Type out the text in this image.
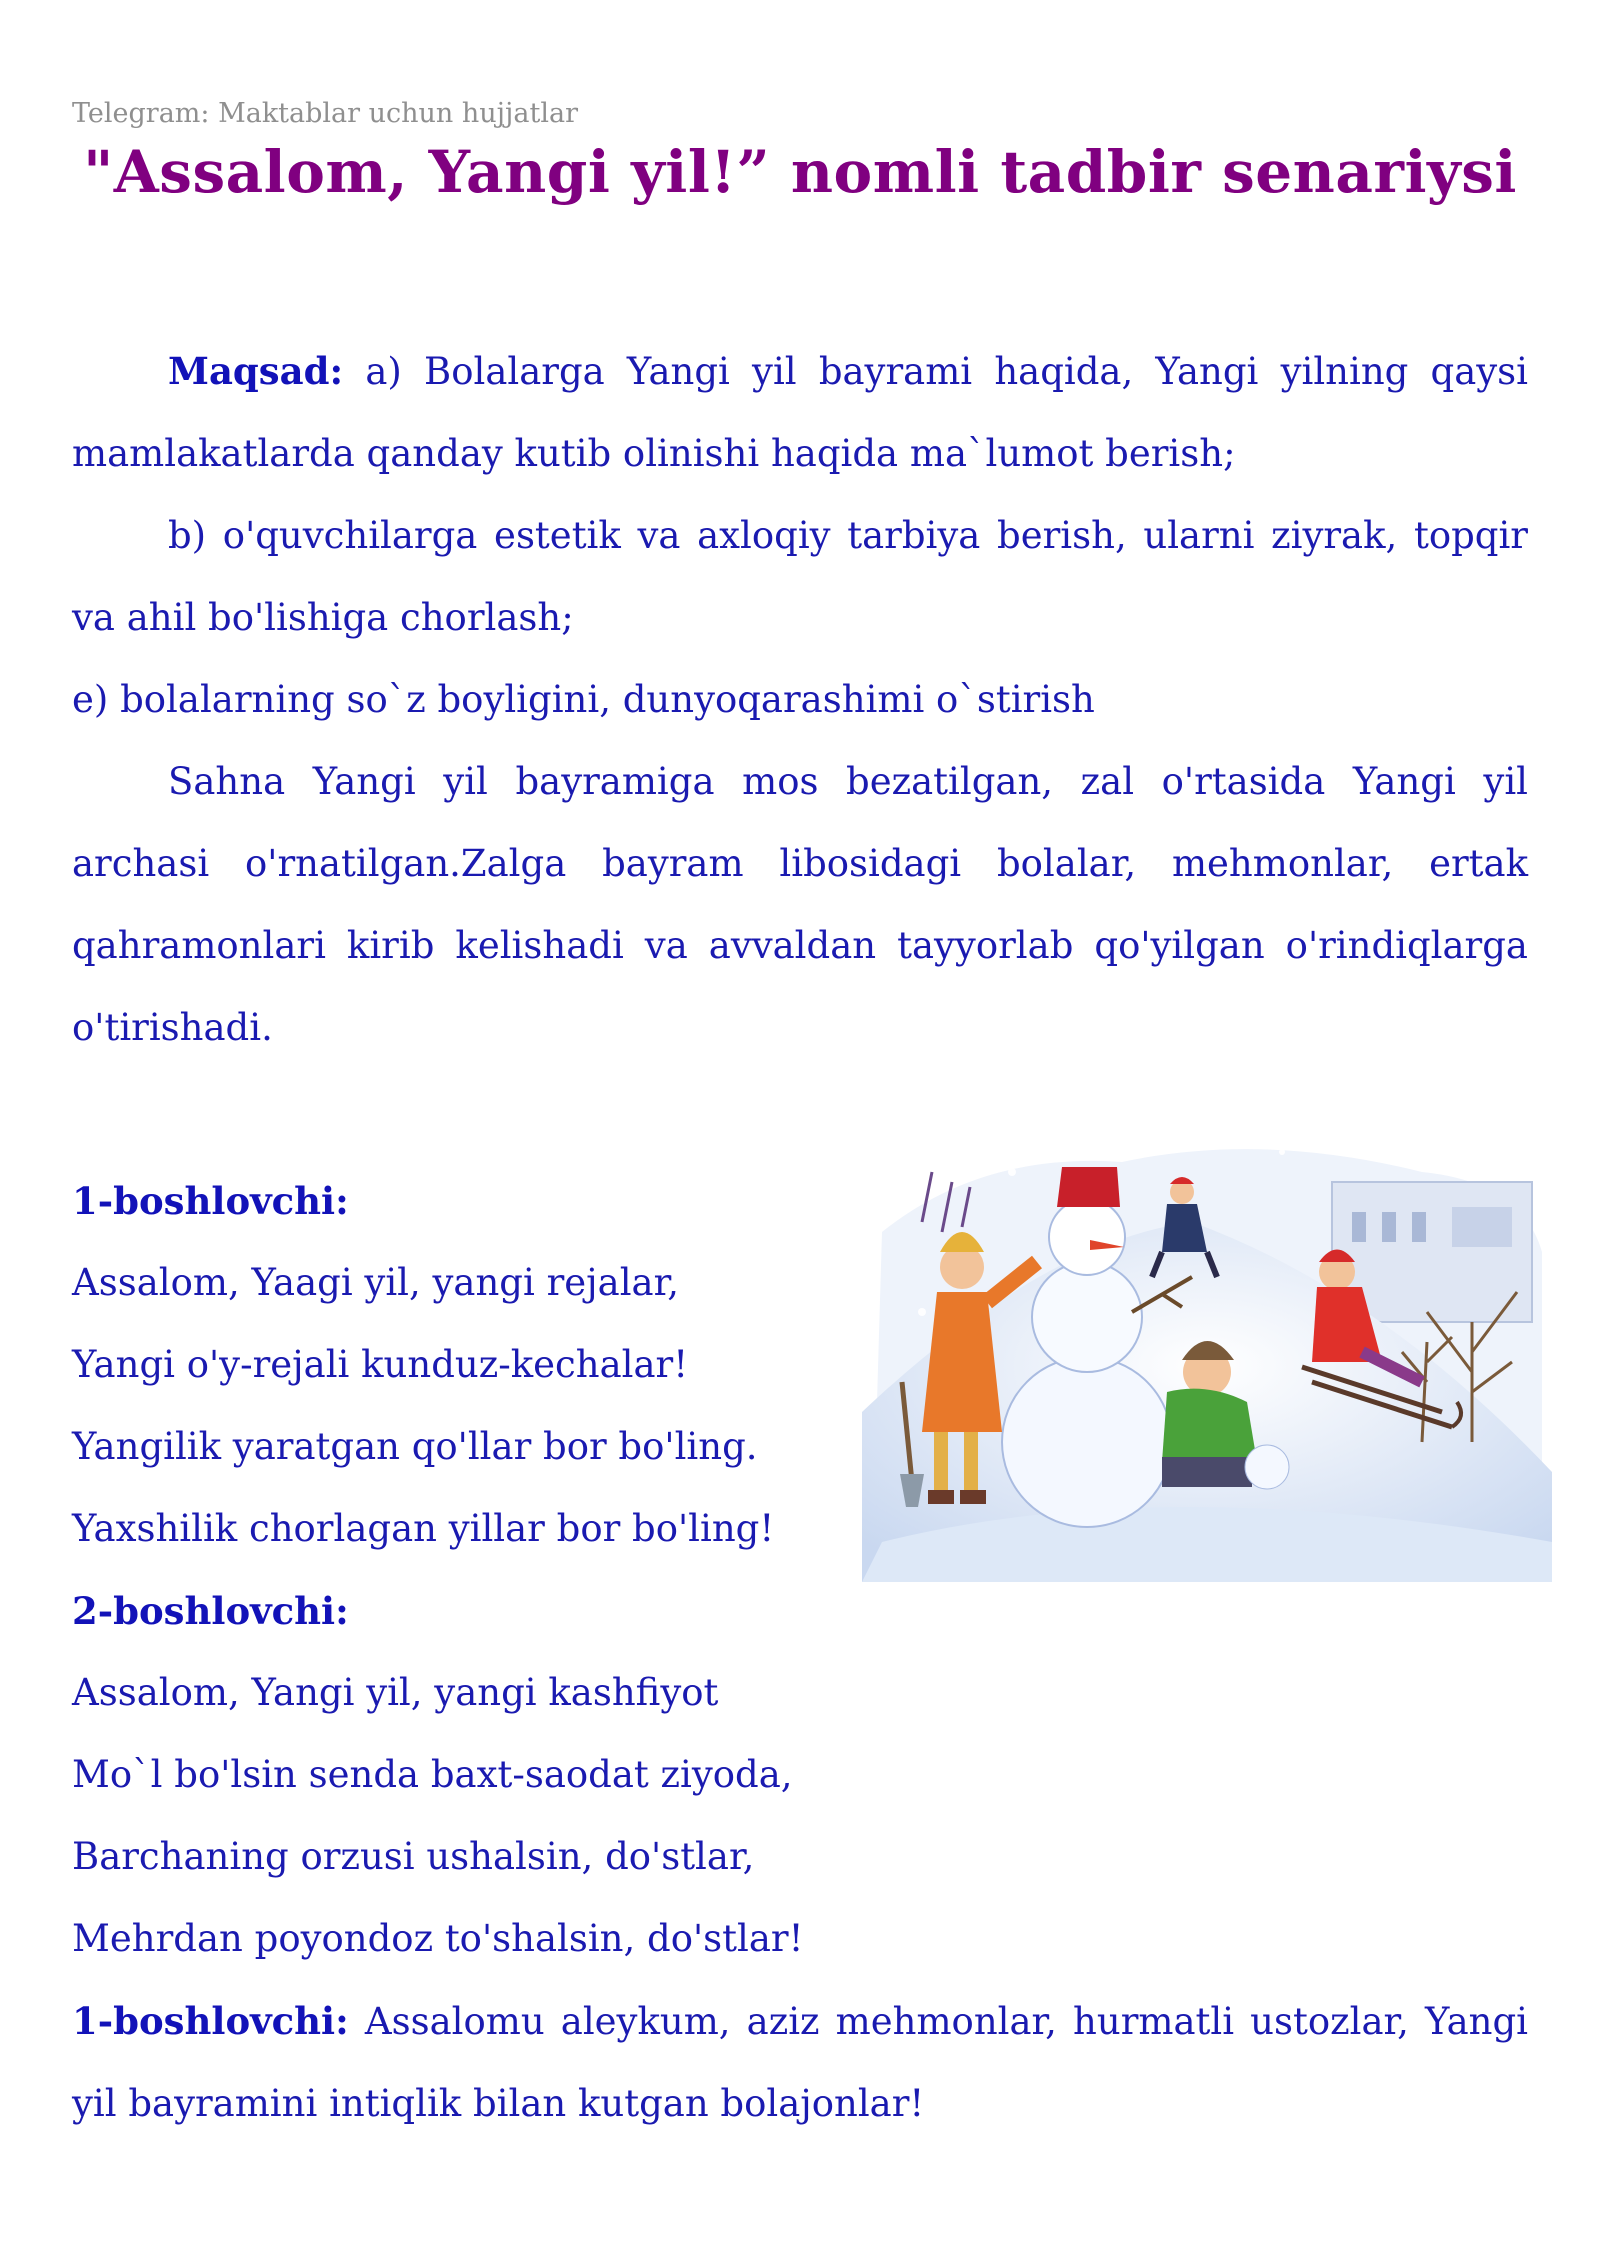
Telegram: Maktablar uchun hujjatlar
"Assalom, Yangi yil!” nomli tadbir senariysi

Maqsad: a) Bolalarga Yangi yil bayrami haqida, Yangi yilning qaysi mamlakatlarda qanday kutib olinishi haqida ma`lumot berish;

b) o'quvchilarga estetik va axloqiy tarbiya berish, ularni ziyrak, topqir va ahil bo'lishiga chorlash;

e) bolalarning so`z boyligini, dunyoqarashimi o`stirish

Sahna Yangi yil bayramiga mos bezatilgan, zal o'rtasida Yangi yil archasi o'rnatilgan.Zalga bayram libosidagi bolalar, mehmonlar, ertak qahramonlari kirib kelishadi va avvaldan tayyorlab qo'yilgan o'rindiqlarga o'tirishadi.

1-boshlovchi:

Assalom, Yaagi yil, yangi rejalar,

Yangi o'y-rejali kunduz-kechalar!

Yangilik yaratgan qo'llar bor bo'ling.

Yaxshilik chorlagan yillar bor bo'ling!

2-boshlovchi:

Assalom, Yangi yil, yangi kashfiyot

Mo`l bo'lsin senda baxt-saodat ziyoda,

Barchaning orzusi ushalsin, do'stlar,

Mehrdan poyondoz to'shalsin, do'stlar!

1-boshlovchi: Assalomu aleykum, aziz mehmonlar, hurmatli ustozlar, Yangi yil bayramini intiqlik bilan kutgan bolajonlar!
